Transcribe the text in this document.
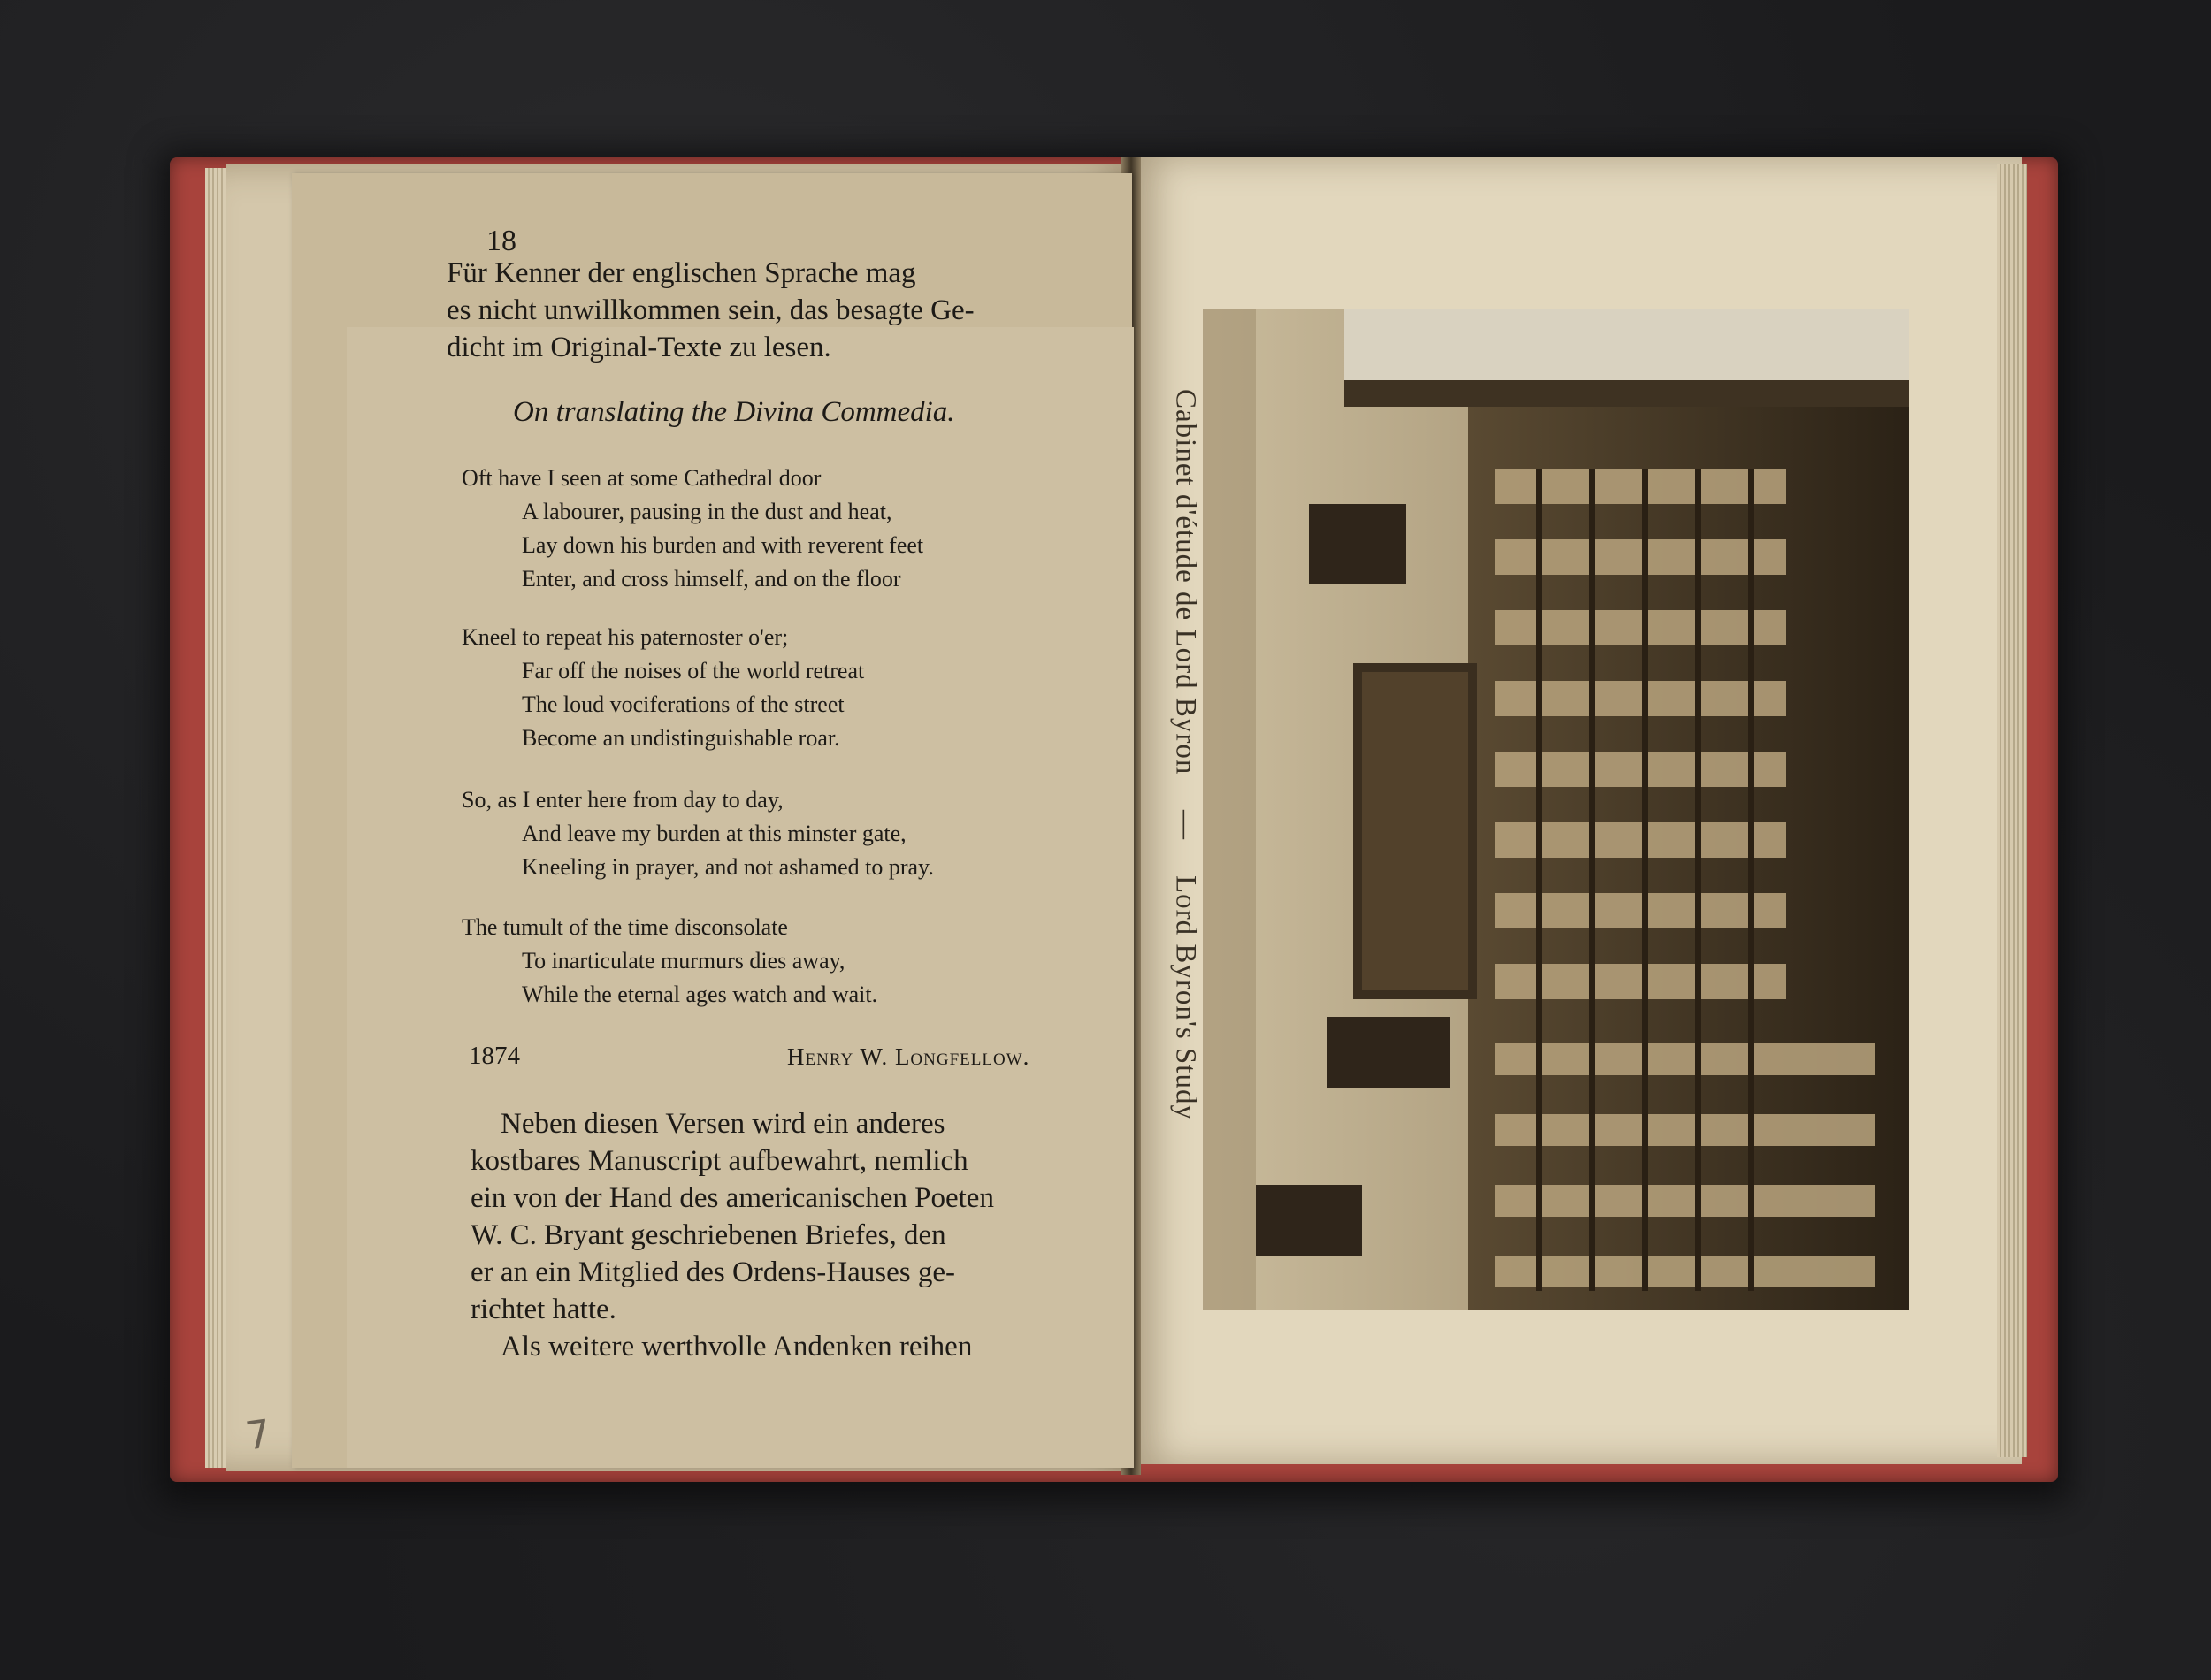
18
Für Kenner der englischen Sprache mag
es nicht unwillkommen sein, das besagte Ge-
dicht im Original-Texte zu lesen.
On translating the Divina Commedia.
Oft have I seen at some Cathedral door
A labourer, pausing in the dust and heat,
Lay down his burden and with reverent feet
Enter, and cross himself, and on the floor
Kneel to repeat his paternoster o'er;
Far off the noises of the world retreat
The loud vociferations of the street
Become an undistinguishable roar.
So, as I enter here from day to day,
And leave my burden at this minster gate,
Kneeling in prayer, and not ashamed to pray.
The tumult of the time disconsolate
To inarticulate murmurs dies away,
While the eternal ages watch and wait.
1874	Henry W. Longfellow.
Neben diesen Versen wird ein anderes
kostbares Manuscript aufbewahrt, nemlich
ein von der Hand des americanischen Poeten
W. C. Bryant geschriebenen Briefes, den
er an ein Mitglied des Ordens-Hauses ge-
richtet hatte.
Als weitere werthvolle Andenken reihen
7
Cabinet d'étude de Lord Byron
—
Lord Byron's Study
